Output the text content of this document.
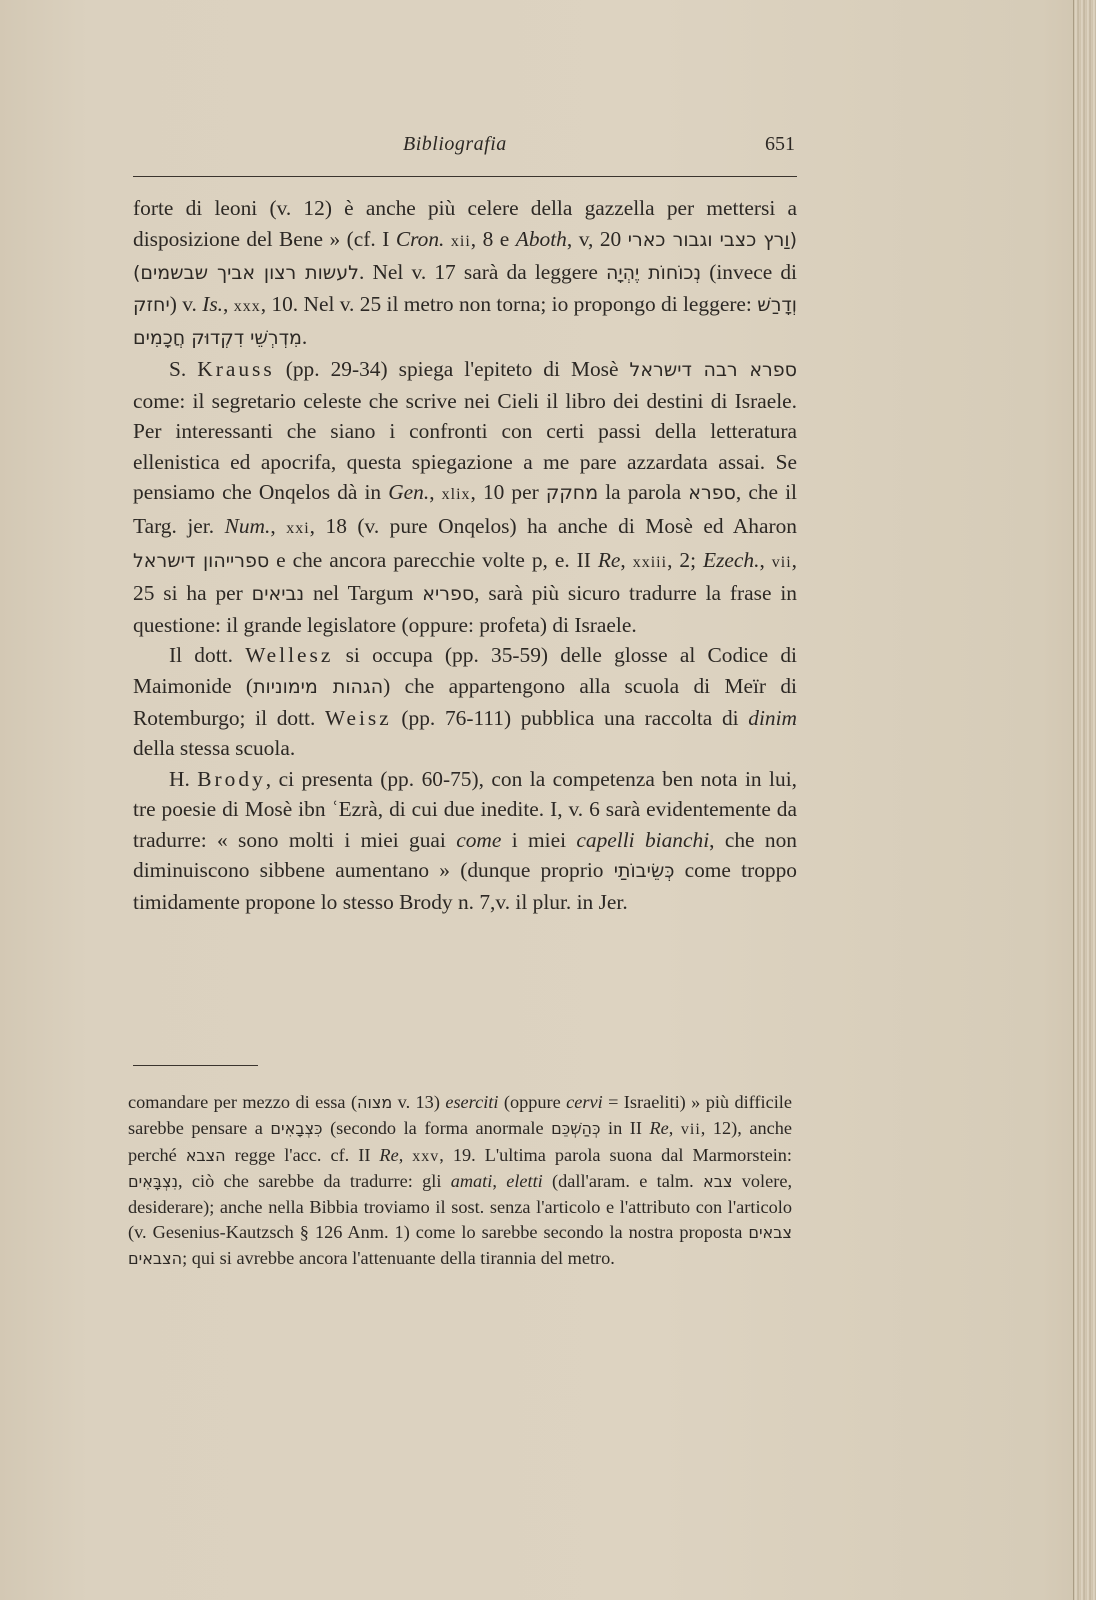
Bibliografia	651

forte di leoni (v. 12) è anche più celere della gazzella per mettersi a disposizione del Bene » (cf. I Cron. xii, 8 e Aboth, v, 20 (וַרץ כצבי וגבור כארי לעשות רצון אביך שבשמים). Nel v. 17 sarà da leggere נְכוֹחוֹת יֶהְיָה (invece di יחזק) v. Is., xxx, 10. Nel v. 25 il metro non torna; io propongo di leggere: וְדָרַשׁ מִדְרְשֵׁי דִקְדוּק חֲכָמִים.

S. Krauss (pp. 29-34) spiega l'epiteto di Mosè ספרא רבה דישראל come: il segretario celeste che scrive nei Cieli il libro dei destini di Israele. Per interessanti che siano i confronti con certi passi della letteratura ellenistica ed apocrifa, questa spiegazione a me pare azzardata assai. Se pensiamo che Onqelos dà in Gen., xlix, 10 per מחקק la parola ספרא, che il Targ. jer. Num., xxi, 18 (v. pure Onqelos) ha anche di Mosè ed Aharon ספרייהון דישראל e che ancora parecchie volte p, e. II Re, xxiii, 2; Ezech., vii, 25 si ha per נביאים nel Targum ספריא, sarà più sicuro tradurre la frase in questione: il grande legislatore (oppure: profeta) di Israele.

Il dott. Wellesz si occupa (pp. 35-59) delle glosse al Codice di Maimonide (הגהות מימוניות) che appartengono alla scuola di Meïr di Rotemburgo; il dott. Weisz (pp. 76-111) pubblica una raccolta di dinim della stessa scuola.

H. Brody, ci presenta (pp. 60-75), con la competenza ben nota in lui, tre poesie di Mosè ibn ʿEzrà, di cui due inedite. I, v. 6 sarà evidentemente da tradurre: « sono molti i miei guai come i miei capelli bianchi, che non diminuiscono sibbene aumentano » (dunque proprio כְּשֵׂיבוֹתַי come troppo timidamente propone lo stesso Brody n. 7,v. il plur. in Jer.

comandare per mezzo di essa (מצוה v. 13) eserciti (oppure cervi = Israeliti) » più difficile sarebbe pensare a כִּצְבָאִים (secondo la forma anormale כְּהַשְׁכֵּם in II Re, vii, 12), anche perché הצבא regge l'acc. cf. II Re, xxv, 19. L'ultima parola suona dal Marmorstein: נִצְבָּאִים, ciò che sarebbe da tradurre: gli amati, eletti (dall'aram. e talm. צבא volere, desiderare); anche nella Bibbia troviamo il sost. senza l'articolo e l'attributo con l'articolo (v. Gesenius-Kautzsch § 126 Anm. 1) come lo sarebbe secondo la nostra proposta צבאים הצבאים; qui si avrebbe ancora l'attenuante della tirannia del metro.
